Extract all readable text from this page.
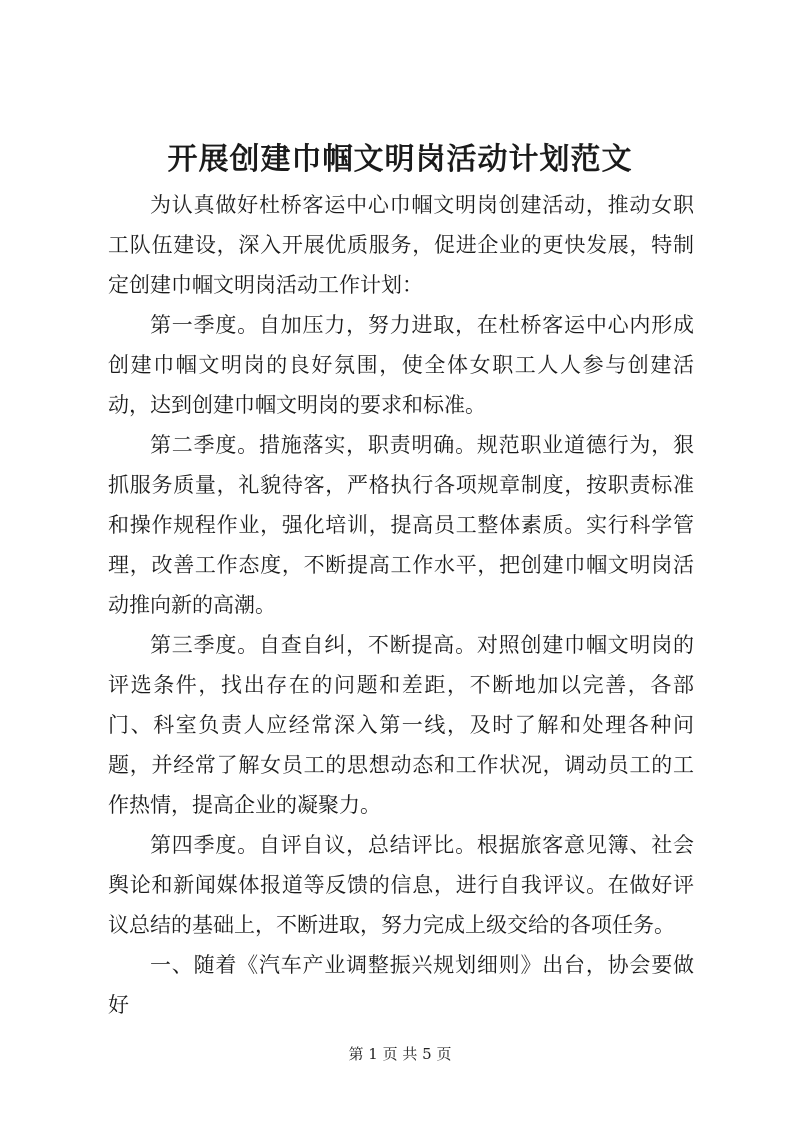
开展创建巾帼文明岗活动计划范文

为认真做好杜桥客运中心巾帼文明岗创建活动，推动女职工队伍建设，深入开展优质服务，促进企业的更快发展，特制定创建巾帼文明岗活动工作计划：

第一季度。自加压力，努力进取，在杜桥客运中心内形成创建巾帼文明岗的良好氛围，使全体女职工人人参与创建活动，达到创建巾帼文明岗的要求和标准。

第二季度。措施落实，职责明确。规范职业道德行为，狠抓服务质量，礼貌待客，严格执行各项规章制度，按职责标准和操作规程作业，强化培训，提高员工整体素质。实行科学管理，改善工作态度，不断提高工作水平，把创建巾帼文明岗活动推向新的高潮。

第三季度。自查自纠，不断提高。对照创建巾帼文明岗的评选条件，找出存在的问题和差距，不断地加以完善，各部门、科室负责人应经常深入第一线，及时了解和处理各种问题，并经常了解女员工的思想动态和工作状况，调动员工的工作热情，提高企业的凝聚力。

第四季度。自评自议，总结评比。根据旅客意见簿、社会舆论和新闻媒体报道等反馈的信息，进行自我评议。在做好评议总结的基础上，不断进取，努力完成上级交给的各项任务。

一、随着《汽车产业调整振兴规划细则》出台，协会要做好

第 1 页 共 5 页
